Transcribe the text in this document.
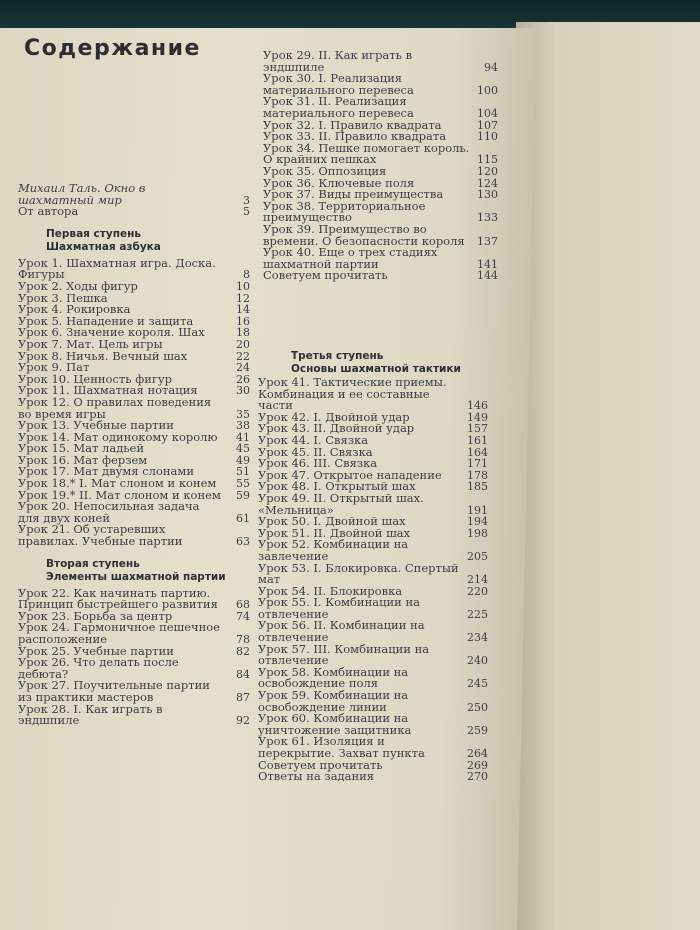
Содержание
Михаил Таль. Окно в шахматный мир	3
От автора	5
Первая ступень
Шахматная азбука
Урок 1. Шахматная игра. Доска. Фигуры	8
Урок 2. Ходы фигур	10
Урок 3. Пешка	12
Урок 4. Рокировка	14
Урок 5. Нападение и защита	16
Урок 6. Значение короля. Шах	18
Урок 7. Мат. Цель игры	20
Урок 8. Ничья. Вечный шах	22
Урок 9. Пат	24
Урок 10. Ценность фигур	26
Урок 11. Шахматная нотация	30
Урок 12. О правилах поведения во время игры	35
Урок 13. Учебные партии	38
Урок 14. Мат одинокому королю	41
Урок 15. Мат ладьей	45
Урок 16. Мат ферзем	49
Урок 17. Мат двумя слонами	51
Урок 18.* I. Мат слоном и конем	55
Урок 19.* II. Мат слоном и конем 59
Урок 20. Непосильная задача для двух коней	61
Урок 21. Об устаревших правилах. Учебные партии	63
Вторая ступень
Элементы шахматной партии
Урок 22. Как начинать партию. Принцип быстрейшего развития	68
Урок 23. Борьба за центр	74
Урок 24. Гармоничное пешечное расположение	78
Урок 25. Учебные партии	82
Урок 26. Что делать после дебюта?	84
Урок 27. Поучительные партии из практики мастеров	87
Урок 28. I. Как играть в эндшпиле	92
Урок 29. II. Как играть в эндшпиле	94
Урок 30. I. Реализация материального перевеса	100
Урок 31. II. Реализация материального перевеса	104
Урок 32. I. Правило квадрата	107
Урок 33. II. Правило квадрата	110
Урок 34. Пешке помогает король. О крайних пешках	115
Урок 35. Оппозиция	120
Урок 36. Ключевые поля	124
Урок 37. Виды преимущества	130
Урок 38. Территориальное преимущество	133
Урок 39. Преимущество во времени. О безопасности короля	137
Урок 40. Еще о трех стадиях шахматной партии	141
Советуем прочитать	144
Третья ступень
Основы шахматной тактики
Урок 41. Тактические приемы. Комбинация и ее составные части	146
Урок 42. I. Двойной удар	149
Урок 43. II. Двойной удар	157
Урок 44. I. Связка	161
Урок 45. II. Связка	164
Урок 46. III. Связка	171
Урок 47. Открытое нападение	178
Урок 48. I. Открытый шах	185
Урок 49. II. Открытый шах. «Мельница»	191
Урок 50. I. Двойной шах	194
Урок 51. II. Двойной шах	198
Урок 52. Комбинации на завлечение	205
Урок 53. I. Блокировка. Спертый мат	214
Урок 54. II. Блокировка	220
Урок 55. I. Комбинации на отвлечение	225
Урок 56. II. Комбинации на отвлечение	234
Урок 57. III. Комбинации на отвлечение	240
Урок 58. Комбинации на освобождение поля	245
Урок 59. Комбинации на освобождение линии	250
Урок 60. Комбинации на уничтожение защитника	259
Урок 61. Изоляция и перекрытие. Захват пункта	264
Советуем прочитать	269
Ответы на задания	270
